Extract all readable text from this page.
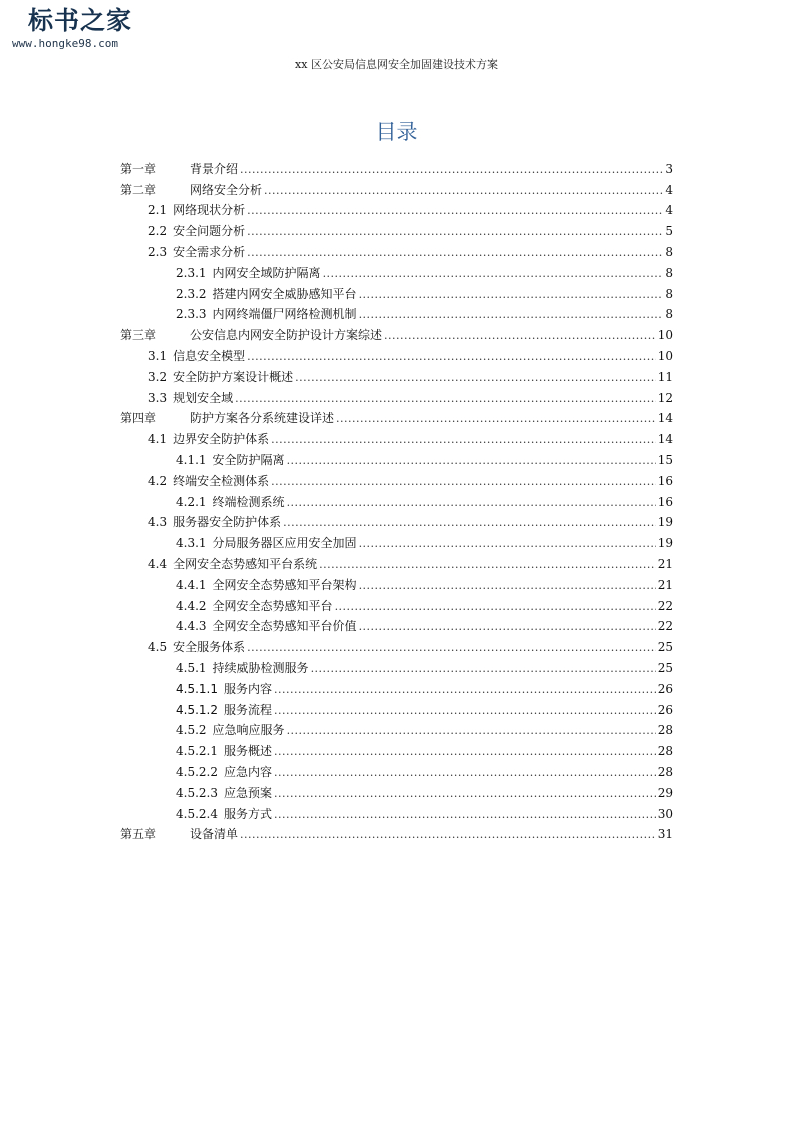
标书之家
www.hongke98.com
xx 区公安局信息网安全加固建设技术方案
目录
第一章	背景介绍 .....	3
第二章	网络安全分析 .....	4
2.1 网络现状分析 .....	4
2.2 安全问题分析 .....	5
2.3 安全需求分析 .....	8
2.3.1 内网安全域防护隔离 .....	8
2.3.2 搭建内网安全威胁感知平台 .....	8
2.3.3 内网终端僵尸网络检测机制 .....	8
第三章	公安信息内网安全防护设计方案综述 .....	10
3.1 信息安全模型 .....	10
3.2 安全防护方案设计概述 .....	11
3.3 规划安全域 .....	12
第四章	防护方案各分系统建设详述 .....	14
4.1 边界安全防护体系 .....	14
4.1.1 安全防护隔离 .....	15
4.2 终端安全检测体系 .....	16
4.2.1 终端检测系统 .....	16
4.3 服务器安全防护体系 .....	19
4.3.1 分局服务器区应用安全加固 .....	19
4.4 全网安全态势感知平台系统 .....	21
4.4.1 全网安全态势感知平台架构 .....	21
4.4.2 全网安全态势感知平台 .....	22
4.4.3 全网安全态势感知平台价值 .....	22
4.5 安全服务体系 .....	25
4.5.1 持续威胁检测服务 .....	25
4.5.1.1 服务内容 .....	26
4.5.1.2 服务流程 .....	26
4.5.2 应急响应服务 .....	28
4.5.2.1 服务概述 .....	28
4.5.2.2 应急内容 .....	28
4.5.2.3 应急预案 .....	29
4.5.2.4 服务方式 .....	30
第五章	设备清单 .....	31
